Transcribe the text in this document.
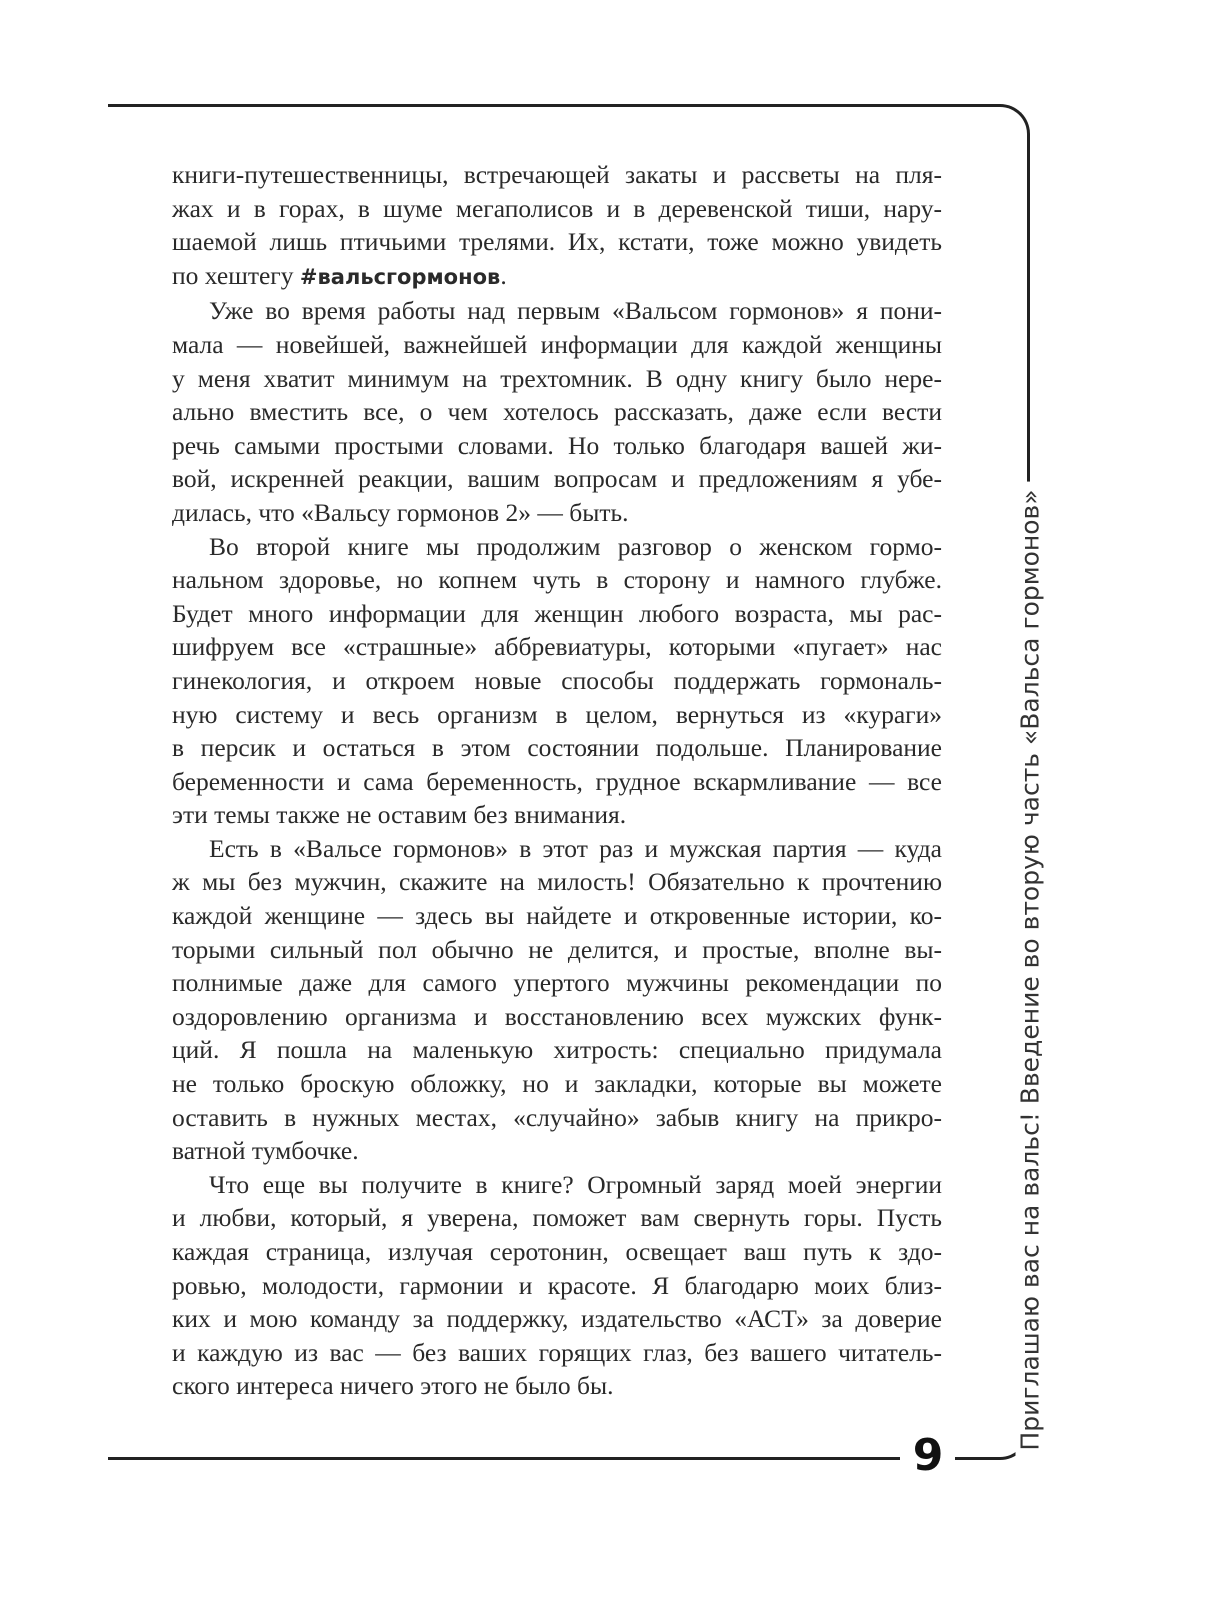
9
Приглашаю вас на вальс! Введение во вторую часть «Вальса гормонов»
книги-путешественницы, встречающей закаты и рассветы на пля-
жах и в горах, в шуме мегаполисов и в деревенской тиши, нару-
шаемой лишь птичьими трелями. Их, кстати, тоже можно увидеть
по хештегу #вальсгормонов.
Уже во время работы над первым «Вальсом гормонов» я пони-
мала — новейшей, важнейшей информации для каждой женщины
у меня хватит минимум на трехтомник. В одну книгу было нере-
ально вместить все, о чем хотелось рассказать, даже если вести
речь самыми простыми словами. Но только благодаря вашей жи-
вой, искренней реакции, вашим вопросам и предложениям я убе-
дилась, что «Вальсу гормонов 2» — быть.
Во второй книге мы продолжим разговор о женском гормо-
нальном здоровье, но копнем чуть в сторону и намного глубже.
Будет много информации для женщин любого возраста, мы рас-
шифруем все «страшные» аббревиатуры, которыми «пугает» нас
гинекология, и откроем новые способы поддержать гормональ-
ную систему и весь организм в целом, вернуться из «кураги»
в персик и остаться в этом состоянии подольше. Планирование
беременности и сама беременность, грудное вскармливание — все
эти темы также не оставим без внимания.
Есть в «Вальсе гормонов» в этот раз и мужская партия — куда
ж мы без мужчин, скажите на милость! Обязательно к прочтению
каждой женщине — здесь вы найдете и откровенные истории, ко-
торыми сильный пол обычно не делится, и простые, вполне вы-
полнимые даже для самого упертого мужчины рекомендации по
оздоровлению организма и восстановлению всех мужских функ-
ций. Я пошла на маленькую хитрость: специально придумала
не только броскую обложку, но и закладки, которые вы можете
оставить в нужных местах, «случайно» забыв книгу на прикро-
ватной тумбочке.
Что еще вы получите в книге? Огромный заряд моей энергии
и любви, который, я уверена, поможет вам свернуть горы. Пусть
каждая страница, излучая серотонин, освещает ваш путь к здо-
ровью, молодости, гармонии и красоте. Я благодарю моих близ-
ких и мою команду за поддержку, издательство «АСТ» за доверие
и каждую из вас — без ваших горящих глаз, без вашего читатель-
ского интереса ничего этого не было бы.
